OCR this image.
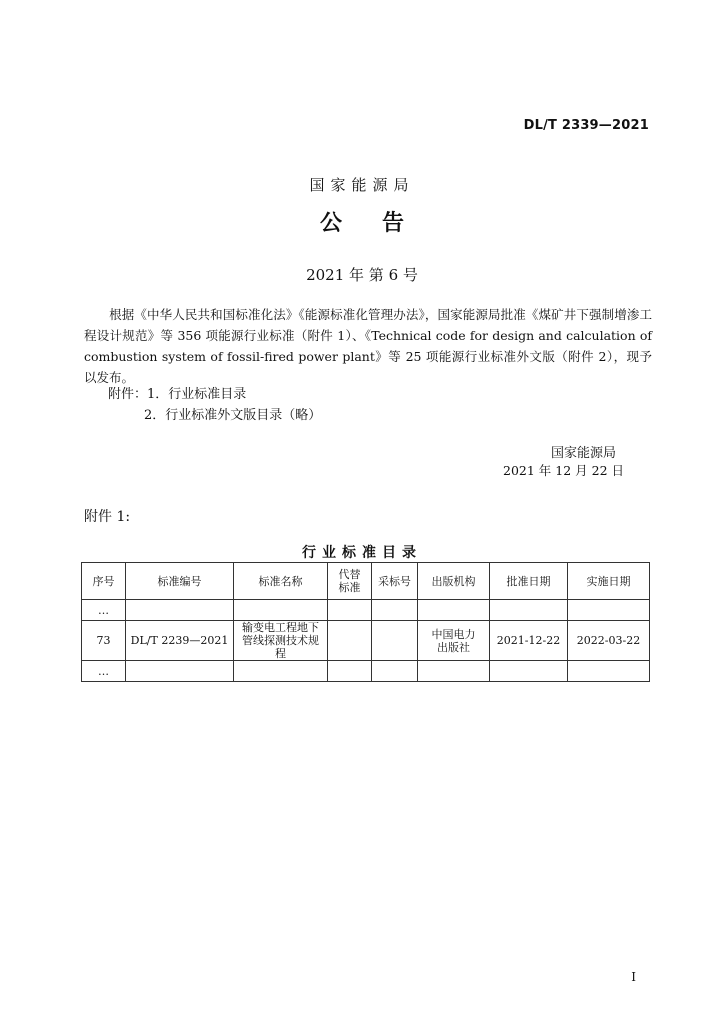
DL/T 2339—2021
国家能源局
公告
2021 年 第 6 号
根据《中华人民共和国标准化法》《能源标准化管理办法》，国家能源局批准《煤矿井下强制增渗工程设计规范》等 356 项能源行业标准（附件 1）、《Technical code for design and calculation of combustion system of fossil-fired power plant》等 25 项能源行业标准外文版（附件 2），现予以发布。
附件：1．行业标准目录
2．行业标准外文版目录（略）
国家能源局
2021 年 12 月 22 日
附件 1:
行业标准目录
序号	标准编号	标准名称	代替标准	采标号	出版机构	批准日期	实施日期
…							
73	DL/T 2239—2021	输变电工程地下管线探测技术规程			中国电力出版社	2021-12-22	2022-03-22
…							
I
